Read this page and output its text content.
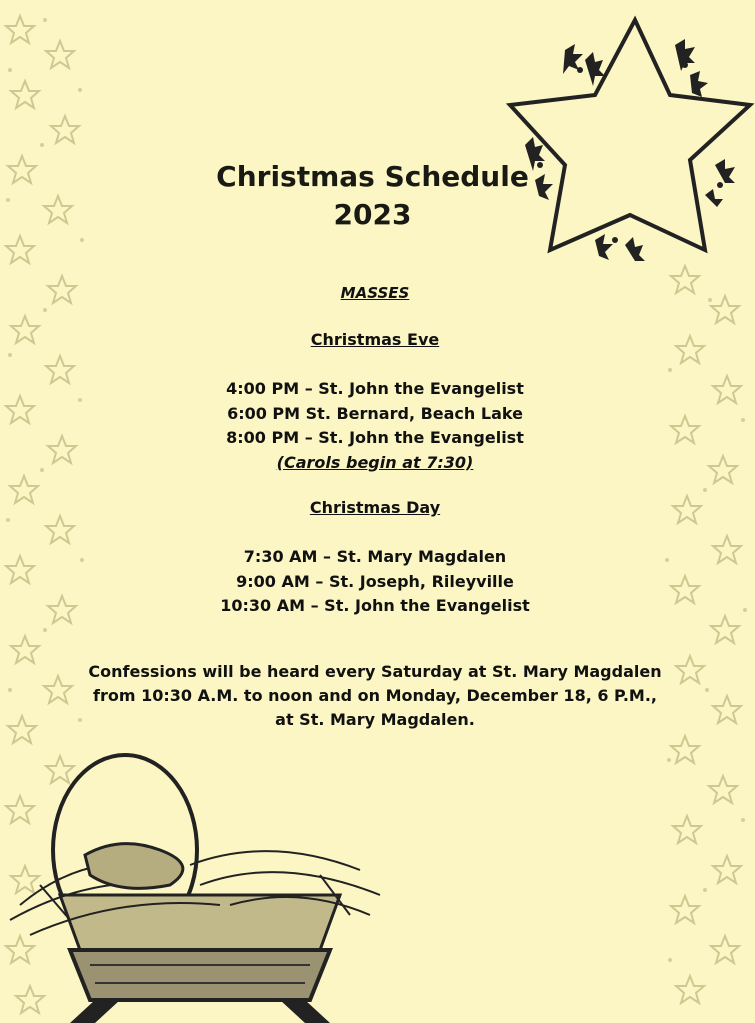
Christmas Schedule
2023
MASSES
Christmas Eve
4:00 PM – St. John the Evangelist
6:00 PM St. Bernard, Beach Lake
8:00 PM – St. John the Evangelist
(Carols begin at 7:30)
Christmas Day
7:30 AM – St. Mary Magdalen
9:00 AM – St. Joseph, Rileyville
10:30 AM – St. John the Evangelist
Confessions will be heard every Saturday at St. Mary Magdalen
from 10:30 A.M. to noon and on Monday, December 18, 6 P.M.,
at St. Mary Magdalen.
